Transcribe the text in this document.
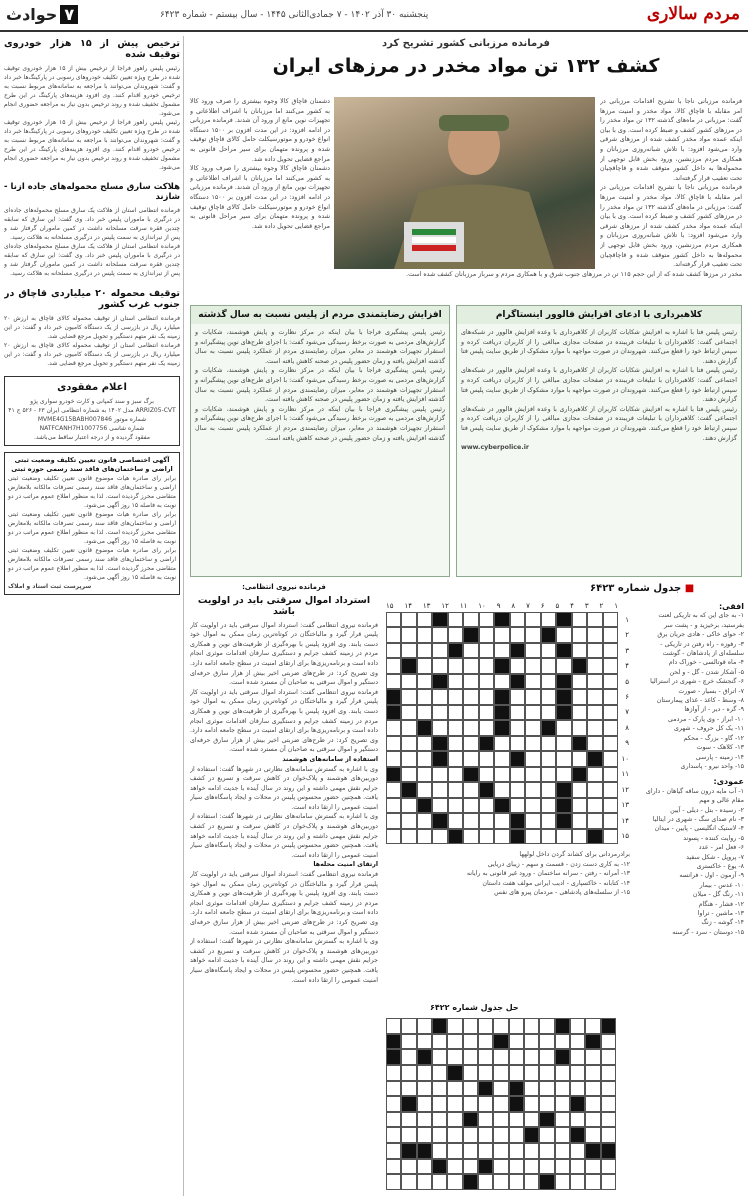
۷حوادث	پنجشنبه ۳۰ آذر ۱۴۰۲ - ۷ جمادی‌الثانی ۱۴۴۵ - سال بیستم - شماره ۶۴۲۳	مردم سالاری
ترخیص پیش از ۱۵ هزار خودروی توقیف شده

رئیس پلیس راهور فراجا از ترخیص بیش از ۱۵ هزار خودروی توقیف شده در طرح ویژه تعیین تکلیف خودروهای رسوبی در پارکینگ‌ها خبر داد و گفت: شهروندان می‌توانند با مراجعه به سامانه‌های مربوط نسبت به ترخیص خودرو اقدام کنند. وی افزود هزینه‌های پارکینگ در این طرح مشمول تخفیف شده و روند ترخیص بدون نیاز به مراجعه حضوری انجام می‌شود.

رئیس پلیس راهور فراجا از ترخیص بیش از ۱۵ هزار خودروی توقیف شده در طرح ویژه تعیین تکلیف خودروهای رسوبی در پارکینگ‌ها خبر داد و گفت: شهروندان می‌توانند با مراجعه به سامانه‌های مربوط نسبت به ترخیص خودرو اقدام کنند. وی افزود هزینه‌های پارکینگ در این طرح مشمول تخفیف شده و روند ترخیص بدون نیاز به مراجعه حضوری انجام می‌شود.

هلاکت سارق مسلح محموله‌های جاده ازنا - شازند

فرمانده انتظامی استان از هلاکت یک سارق مسلح محموله‌های جاده‌ای در درگیری با ماموران پلیس خبر داد. وی گفت: این سارق که سابقه چندین فقره سرقت مسلحانه داشت در کمین ماموران گرفتار شد و پس از تیراندازی به سمت پلیس در درگیری مسلحانه به هلاکت رسید.

فرمانده انتظامی استان از هلاکت یک سارق مسلح محموله‌های جاده‌ای در درگیری با ماموران پلیس خبر داد. وی گفت: این سارق که سابقه چندین فقره سرقت مسلحانه داشت در کمین ماموران گرفتار شد و پس از تیراندازی به سمت پلیس در درگیری مسلحانه به هلاکت رسید.

توقیف محموله ۲۰ میلیاردی قاچاق در جنوب غرب کشور

فرمانده انتظامی استان از توقیف محموله کالای قاچاق به ارزش ۲۰ میلیارد ریال در بازرسی از یک دستگاه کامیون خبر داد و گفت: در این زمینه یک نفر متهم دستگیر و تحویل مرجع قضایی شد.

فرمانده انتظامی استان از توقیف محموله کالای قاچاق به ارزش ۲۰ میلیارد ریال در بازرسی از یک دستگاه کامیون خبر داد و گفت: در این زمینه یک نفر متهم دستگیر و تحویل مرجع قضایی شد.

اعلام مفقودی
برگ سبز و سند کمپانی و کارت خودرو سواری پژو
ARRIZ05-CVT مدل ۱۴۰۲ به شماره انتظامی ایران ۶۳ - ۵۲۶ ج ۴۱
شماره موتور MVME4G15BABH007846
شماره شاسی NATFCANH7H1007756
مفقود گردیده و از درجه اعتبار ساقط می‌باشد.
آگهی اختصاصی قانون تعیین تکلیف وضعیت ثبتی اراضی و ساختمان‌های فاقد سند رسمی حوزه ثبتی

برابر رای صادره هیات موضوع قانون تعیین تکلیف وضعیت ثبتی اراضی و ساختمان‌های فاقد سند رسمی تصرفات مالکانه بلامعارض متقاضی محرز گردیده است. لذا به منظور اطلاع عموم مراتب در دو نوبت به فاصله ۱۵ روز آگهی می‌شود.

برابر رای صادره هیات موضوع قانون تعیین تکلیف وضعیت ثبتی اراضی و ساختمان‌های فاقد سند رسمی تصرفات مالکانه بلامعارض متقاضی محرز گردیده است. لذا به منظور اطلاع عموم مراتب در دو نوبت به فاصله ۱۵ روز آگهی می‌شود.

برابر رای صادره هیات موضوع قانون تعیین تکلیف وضعیت ثبتی اراضی و ساختمان‌های فاقد سند رسمی تصرفات مالکانه بلامعارض متقاضی محرز گردیده است. لذا به منظور اطلاع عموم مراتب در دو نوبت به فاصله ۱۵ روز آگهی می‌شود.

سرپرست ثبت اسناد و املاک
فرمانده مرزبانی کشور تشریح کرد
کشف ۱۳۲ تن مواد مخدر در مرزهای ایران

فرمانده مرزبانی ناجا با تشریح اقدامات مرزبانی در امر مقابله با قاچاق کالا، مواد مخدر و امنیت مرزها گفت: مرزبانی در ماه‌های گذشته ۱۳۲ تن مواد مخدر را در مرزهای کشور کشف و ضبط کرده است. وی با بیان اینکه عمده مواد مخدر کشف شده از مرزهای شرقی وارد می‌شود افزود: با تلاش شبانه‌روزی مرزبانان و همکاری مردم مرزنشین، ورود بخش قابل توجهی از محموله‌ها به داخل کشور متوقف شده و قاچاقچیان تحت تعقیب قرار گرفته‌اند.

فرمانده مرزبانی ناجا با تشریح اقدامات مرزبانی در امر مقابله با قاچاق کالا، مواد مخدر و امنیت مرزها گفت: مرزبانی در ماه‌های گذشته ۱۳۲ تن مواد مخدر را در مرزهای کشور کشف و ضبط کرده است. وی با بیان اینکه عمده مواد مخدر کشف شده از مرزهای شرقی وارد می‌شود افزود: با تلاش شبانه‌روزی مرزبانان و همکاری مردم مرزنشین، ورود بخش قابل توجهی از محموله‌ها به داخل کشور متوقف شده و قاچاقچیان تحت تعقیب قرار گرفته‌اند.

دشمنان قاچاق کالا وجوه بیشتری را صرف ورود کالا به کشور می‌کنند اما مرزبانان با اشراف اطلاعاتی و تجهیزات نوین مانع از ورود آن شدند. فرمانده مرزبانی در ادامه افزود: در این مدت افزون بر ۱۵۰۰ دستگاه انواع خودرو و موتورسیکلت حامل کالای قاچاق توقیف شده و پرونده متهمان برای سیر مراحل قانونی به مراجع قضایی تحویل داده شد.

دشمنان قاچاق کالا وجوه بیشتری را صرف ورود کالا به کشور می‌کنند اما مرزبانان با اشراف اطلاعاتی و تجهیزات نوین مانع از ورود آن شدند. فرمانده مرزبانی در ادامه افزود: در این مدت افزون بر ۱۵۰۰ دستگاه انواع خودرو و موتورسیکلت حامل کالای قاچاق توقیف شده و پرونده متهمان برای سیر مراحل قانونی به مراجع قضایی تحویل داده شد.

مخدر در مرزها کشف شده که از این حجم ۱۱۵ تن در مرزهای جنوب شرق و با همکاری مردم و سرباز مرزبانان کشف شده است.

کلاهبرداری با ادعای افزایش فالوور اینستاگرام

رئیس پلیس فتا با اشاره به افزایش شکایات کاربران از کلاهبرداری با وعده افزایش فالوور در شبکه‌های اجتماعی گفت: کلاهبرداران با تبلیغات فریبنده در صفحات مجازی مبالغی را از کاربران دریافت کرده و سپس ارتباط خود را قطع می‌کنند. شهروندان در صورت مواجهه با موارد مشکوک از طریق سایت پلیس فتا گزارش دهند.

رئیس پلیس فتا با اشاره به افزایش شکایات کاربران از کلاهبرداری با وعده افزایش فالوور در شبکه‌های اجتماعی گفت: کلاهبرداران با تبلیغات فریبنده در صفحات مجازی مبالغی را از کاربران دریافت کرده و سپس ارتباط خود را قطع می‌کنند. شهروندان در صورت مواجهه با موارد مشکوک از طریق سایت پلیس فتا گزارش دهند.

رئیس پلیس فتا با اشاره به افزایش شکایات کاربران از کلاهبرداری با وعده افزایش فالوور در شبکه‌های اجتماعی گفت: کلاهبرداران با تبلیغات فریبنده در صفحات مجازی مبالغی را از کاربران دریافت کرده و سپس ارتباط خود را قطع می‌کنند. شهروندان در صورت مواجهه با موارد مشکوک از طریق سایت پلیس فتا گزارش دهند.

www.cyberpolice.ir

افزایش رضایتمندی مردم از پلیس نسبت به سال گذشته

رئیس پلیس پیشگیری فراجا با بیان اینکه در مرکز نظارت و پایش هوشمند، شکایات و گزارش‌های مردمی به صورت برخط رسیدگی می‌شود گفت: با اجرای طرح‌های نوین پیشگیرانه و استقرار تجهیزات هوشمند در معابر، میزان رضایتمندی مردم از عملکرد پلیس نسبت به سال گذشته افزایش یافته و زمان حضور پلیس در صحنه کاهش یافته است.

رئیس پلیس پیشگیری فراجا با بیان اینکه در مرکز نظارت و پایش هوشمند، شکایات و گزارش‌های مردمی به صورت برخط رسیدگی می‌شود گفت: با اجرای طرح‌های نوین پیشگیرانه و استقرار تجهیزات هوشمند در معابر، میزان رضایتمندی مردم از عملکرد پلیس نسبت به سال گذشته افزایش یافته و زمان حضور پلیس در صحنه کاهش یافته است.

رئیس پلیس پیشگیری فراجا با بیان اینکه در مرکز نظارت و پایش هوشمند، شکایات و گزارش‌های مردمی به صورت برخط رسیدگی می‌شود گفت: با اجرای طرح‌های نوین پیشگیرانه و استقرار تجهیزات هوشمند در معابر، میزان رضایتمندی مردم از عملکرد پلیس نسبت به سال گذشته افزایش یافته و زمان حضور پلیس در صحنه کاهش یافته است.

فرمانده نیروی انتظامی:
استرداد اموال سرقتی باید در اولویت باشد

فرمانده نیروی انتظامی گفت: استرداد اموال سرقتی باید در اولویت کار پلیس قرار گیرد و مالباختگان در کوتاه‌ترین زمان ممکن به اموال خود دست یابند. وی افزود پلیس با بهره‌گیری از ظرفیت‌های نوین و همکاری مردم در زمینه کشف جرایم و دستگیری سارقان اقدامات موثری انجام داده است و برنامه‌ریزی‌ها برای ارتقای امنیت در سطح جامعه ادامه دارد. وی تصریح کرد: در طرح‌های ضربتی اخیر بیش از هزار سارق حرفه‌ای دستگیر و اموال سرقتی به صاحبان آن مسترد شده است.

فرمانده نیروی انتظامی گفت: استرداد اموال سرقتی باید در اولویت کار پلیس قرار گیرد و مالباختگان در کوتاه‌ترین زمان ممکن به اموال خود دست یابند. وی افزود پلیس با بهره‌گیری از ظرفیت‌های نوین و همکاری مردم در زمینه کشف جرایم و دستگیری سارقان اقدامات موثری انجام داده است و برنامه‌ریزی‌ها برای ارتقای امنیت در سطح جامعه ادامه دارد. وی تصریح کرد: در طرح‌های ضربتی اخیر بیش از هزار سارق حرفه‌ای دستگیر و اموال سرقتی به صاحبان آن مسترد شده است.

استفاده از سامانه‌های هوشمند

وی با اشاره به گسترش سامانه‌های نظارتی در شهرها گفت: استفاده از دوربین‌های هوشمند و پلاک‌خوان در کاهش سرقت و تسریع در کشف جرایم نقش مهمی داشته و این روند در سال آینده با جدیت ادامه خواهد یافت. همچنین حضور محسوس پلیس در محلات و ایجاد پاسگاه‌های سیار امنیت عمومی را ارتقا داده است.

وی با اشاره به گسترش سامانه‌های نظارتی در شهرها گفت: استفاده از دوربین‌های هوشمند و پلاک‌خوان در کاهش سرقت و تسریع در کشف جرایم نقش مهمی داشته و این روند در سال آینده با جدیت ادامه خواهد یافت. همچنین حضور محسوس پلیس در محلات و ایجاد پاسگاه‌های سیار امنیت عمومی را ارتقا داده است.

ارتقای امنیت محله‌ها

فرمانده نیروی انتظامی گفت: استرداد اموال سرقتی باید در اولویت کار پلیس قرار گیرد و مالباختگان در کوتاه‌ترین زمان ممکن به اموال خود دست یابند. وی افزود پلیس با بهره‌گیری از ظرفیت‌های نوین و همکاری مردم در زمینه کشف جرایم و دستگیری سارقان اقدامات موثری انجام داده است و برنامه‌ریزی‌ها برای ارتقای امنیت در سطح جامعه ادامه دارد. وی تصریح کرد: در طرح‌های ضربتی اخیر بیش از هزار سارق حرفه‌ای دستگیر و اموال سرقتی به صاحبان آن مسترد شده است.

وی با اشاره به گسترش سامانه‌های نظارتی در شهرها گفت: استفاده از دوربین‌های هوشمند و پلاک‌خوان در کاهش سرقت و تسریع در کشف جرایم نقش مهمی داشته و این روند در سال آینده با جدیت ادامه خواهد یافت. همچنین حضور محسوس پلیس در محلات و ایجاد پاسگاه‌های سیار امنیت عمومی را ارتقا داده است.

■ جدول شماره ۶۴۲۳
۱
۲
۳
۴
۵
۶
۷
۸
۹
۱۰
۱۱
۱۲
۱۳
۱۴
۱۵
۱
۲
۳
۴
۵
۶
۷
۸
۹
۱۰
۱۱
۱۲
۱۳
۱۴
۱۵
برادرمردانی برای کشاند گردن داخل لولهها
۱۲- به کاری دست زدن - قسمت و سهم - زیبای دریایی
۱۳- آمرانه - رفتن - سرانه ساختمان - ورود غیر قانونی به رایانه
۱۴- کتابانه - خاکسپاری - ادیب ایرانی مولف هفت داستان
۱۵- از سلسله‌های پادشاهی - مردمان پیرو های نفس
حل جدول شماره ۶۴۲۲
افقی:
۱- به جای این که به تاریکی لعنت بفرستید، برخیزید و - پشت سر
۲- حوای خاکی - هادی جریان برق
۳- رفوزه - راه رفتن در تاریکی - سلسله‌ای از پادشاهان - گوشت
۴- ماه قوتالسی - خوراک دام
۵- آشکار شدن - گل - و لحن
۶- گنجشک خرچ - شهری در استرالیا
۷- اتراق - بسیار - صورت
۸- وسط - کاغذ - غذای پیمارستان
۹- گره - دیر - از آوازها
۱۰- ابراز - وی پارک - مردمی
۱۱- یک کل حروف - شهری
۱۲- گاو - بزرگ - محکم
۱۳- کلاهک - سوت
۱۴- زمینه - پارسی
۱۵- واحد نیرو - پاسداری
عمودی:
۱- آب مایه درون ساقه گیاهان - دارای مقام عالی و مهم
۲- رسیده - بتل - دیلی - آیین
۳- نام صدای سگ - شهری در ایتالیا
۴- لاستیک انگلیسی - پایین - میدان
۵- روایت کننده - پسوند
۶- فعل امر - عدد
۷- پروپل - شکل سفید
۸- یوغ - خاکستری
۹- آزمون - اول - فرانسه
۱۰- عدس - بیمار
۱۱- رنگ گل - میلان
۱۲- فشار - هنگام
۱۳- ماشین - تراوا
۱۴- گوشه - زنگ
۱۵- دوستان - سرد - گرسنه
